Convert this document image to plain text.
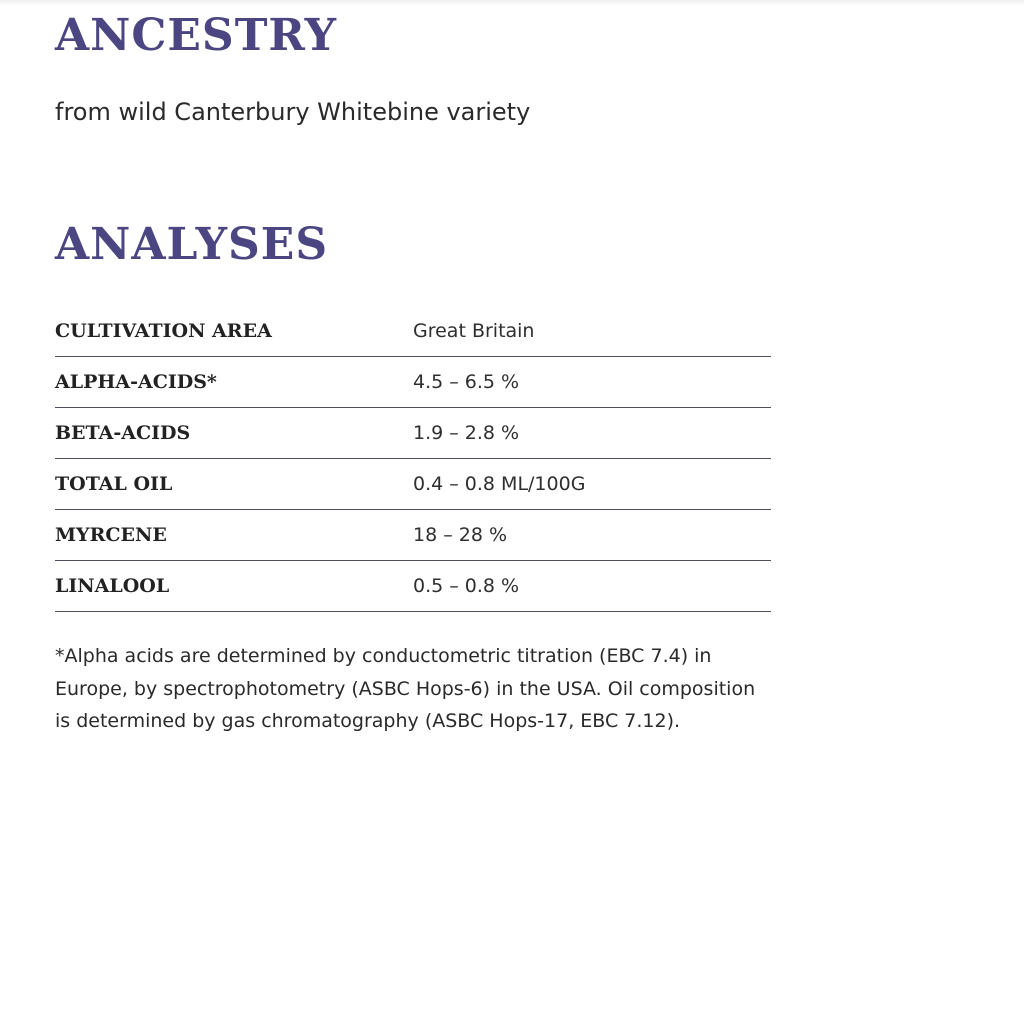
ANCESTRY

from wild Canterbury Whitebine variety

ANALYSES
CULTIVATION AREA	Great Britain
ALPHA-ACIDS*	4.5 – 6.5 %
BETA-ACIDS	1.9 – 2.8 %
TOTAL OIL	0.4 – 0.8 ML/100G
MYRCENE	18 – 28 %
LINALOOL	0.5 – 0.8 %

*Alpha acids are determined by conductometric titration (EBC 7.4) in Europe, by spectrophotometry (ASBC Hops-6) in the USA. Oil composition is determined by gas chromatography (ASBC Hops-17, EBC 7.12).
